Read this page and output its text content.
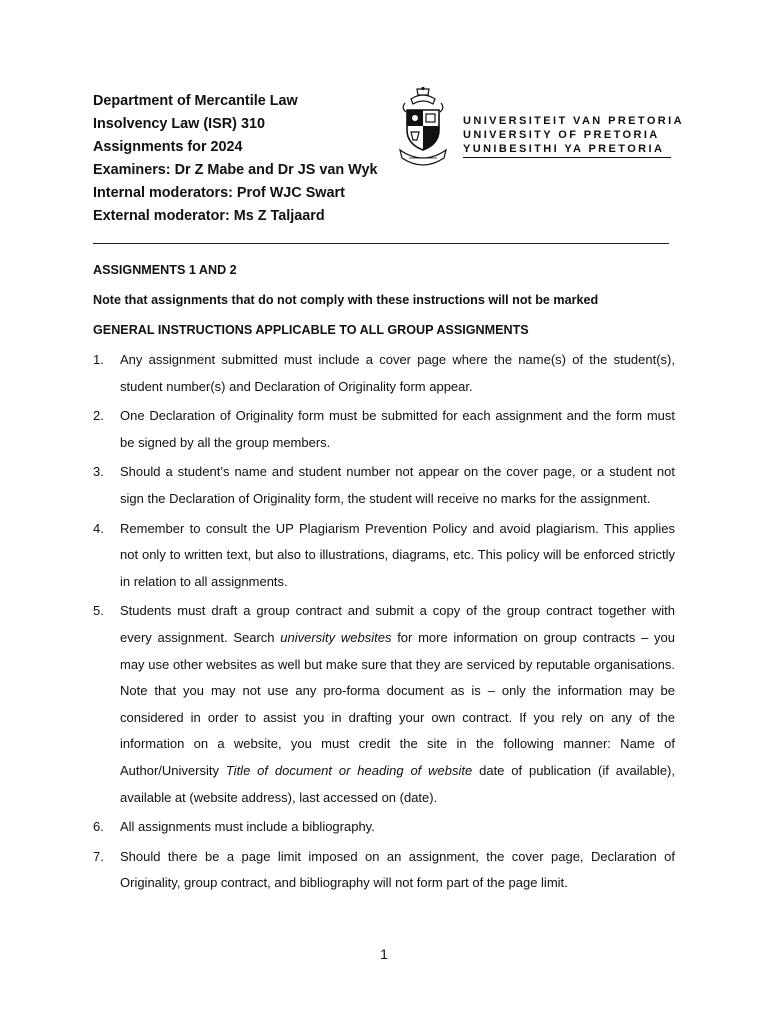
Department of Mercantile Law
Insolvency Law (ISR) 310
Assignments for 2024
Examiners: Dr Z Mabe and Dr JS van Wyk
Internal moderators: Prof WJC Swart
External moderator: Ms Z Taljaard
UNIVERSITEIT VAN PRETORIA
UNIVERSITY OF PRETORIA
YUNIBESITHI YA PRETORIA

ASSIGNMENTS 1 AND 2

Note that assignments that do not comply with these instructions will not be marked

GENERAL INSTRUCTIONS APPLICABLE TO ALL GROUP ASSIGNMENTS

1. Any assignment submitted must include a cover page where the name(s) of the student(s), student number(s) and Declaration of Originality form appear.

2. One Declaration of Originality form must be submitted for each assignment and the form must be signed by all the group members.

3. Should a student’s name and student number not appear on the cover page, or a student not sign the Declaration of Originality form, the student will receive no marks for the assignment.

4. Remember to consult the UP Plagiarism Prevention Policy and avoid plagiarism. This applies not only to written text, but also to illustrations, diagrams, etc. This policy will be enforced strictly in relation to all assignments.

5. Students must draft a group contract and submit a copy of the group contract together with every assignment. Search university websites for more information on group contracts – you may use other websites as well but make sure that they are serviced by reputable organisations. Note that you may not use any pro-forma document as is – only the information may be considered in order to assist you in drafting your own contract. If you rely on any of the information on a website, you must credit the site in the following manner: Name of Author/University Title of document or heading of website date of publication (if available), available at (website address), last accessed on (date).

6. All assignments must include a bibliography.

7. Should there be a page limit imposed on an assignment, the cover page, Declaration of Originality, group contract, and bibliography will not form part of the page limit.

1
